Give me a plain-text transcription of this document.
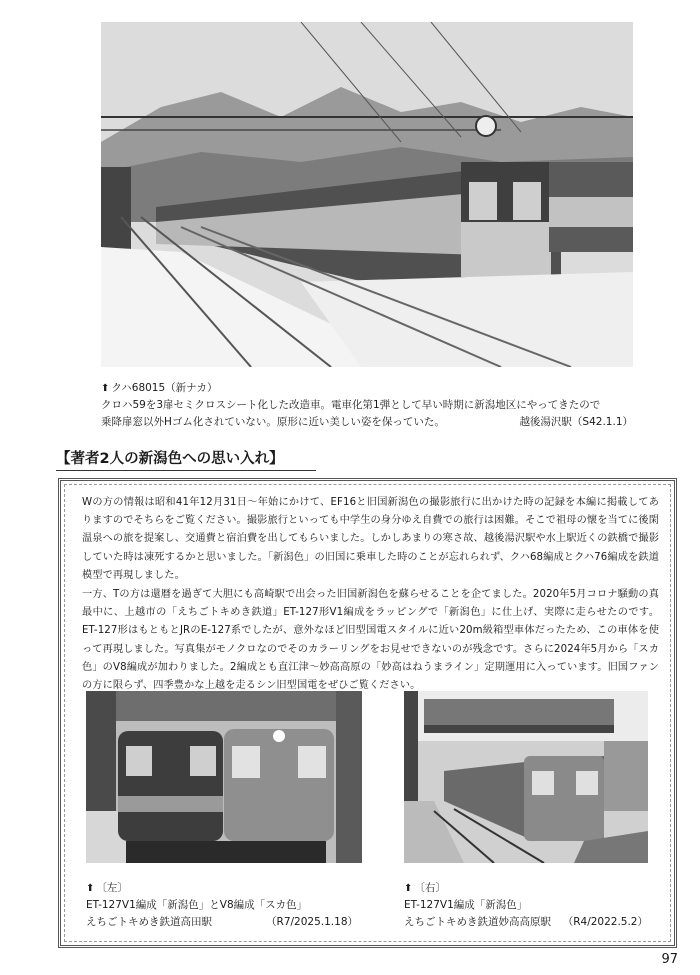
⬆ クハ68015（新ナカ）
クロハ59を3扉セミクロスシート化した改造車。電車化第1弾として早い時期に新潟地区にやってきたので
乗降扉窓以外Hゴム化されていない。原形に近い美しい姿を保っていた。	越後湯沢駅（S42.1.1）
【著者2人の新潟色への思い入れ】
Wの方の情報は昭和41年12月31日〜年始にかけて、EF16と旧国新潟色の撮影旅行に出かけた時の記録を本編に掲載してありますのでそちらをご覧ください。撮影旅行といっても中学生の身分ゆえ自費での旅行は困難。そこで祖母の懐を当てに後閑温泉への旅を提案し、交通費と宿泊費を出してもらいました。しかしあまりの寒さ故、越後湯沢駅や水上駅近くの鉄橋で撮影していた時は凍死するかと思いました。「新潟色」の旧国に乗車した時のことが忘れられず、クハ68編成とクハ76編成を鉄道模型で再現しました。
一方、Tの方は還暦を過ぎて大胆にも高崎駅で出会った旧国新潟色を蘇らせることを企てました。2020年5月コロナ騒動の真最中に、上越市の「えちごトキめき鉄道」ET-127形V1編成をラッピングで「新潟色」に仕上げ、実際に走らせたのです。ET-127形はもともとJRのE-127系でしたが、意外なほど旧型国電スタイルに近い20m級箱型車体だったため、この車体を使って再現しました。写真集がモノクロなのでそのカラーリングをお見せできないのが残念です。さらに2024年5月から「スカ色」のV8編成が加わりました。2編成とも直江津〜妙高高原の「妙高はねうまライン」定期運用に入っています。旧国ファンの方に限らず、四季豊かな上越を走るシン旧型国電をぜひご覧ください。
⬆ 〔左〕
ET-127V1編成「新潟色」とV8編成「スカ色」
えちごトキめき鉄道高田駅	（R7/2025.1.18）
⬆ 〔右〕
ET-127V1編成「新潟色」
えちごトキめき鉄道妙高高原駅 （R4/2022.5.2）
97
